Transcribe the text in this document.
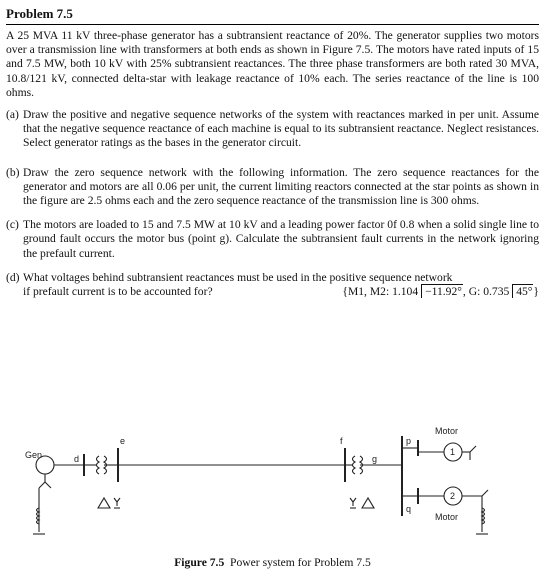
Problem 7.5

A 25 MVA 11 kV three-phase generator has a subtransient reactance of 20%. The generator supplies two motors over a transmission line with transformers at both ends as shown in Figure 7.5. The motors have rated inputs of 15 and 7.5 MW, both 10 kV with 25% subtransient reactances. The three phase transformers are both rated 30 MVA, 10.8/121 kV, connected delta-star with leakage reactance of 10% each. The series reactance of the line is 100 ohms.

(a) Draw the positive and negative sequence networks of the system with reactances marked in per unit. Assume that the negative sequence reactance of each machine is equal to its subtransient reactance. Neglect resistances. Select generator ratings as the bases in the generator circuit.
(b) Draw the zero sequence network with the following information. The zero sequence reactances for the generator and motors are all 0.06 per unit, the current limiting reactors connected at the star points as shown in the figure are 2.5 ohms each and the zero sequence reactance of the transmission line is 300 ohms.
(c) The motors are loaded to 15 and 7.5 MW at 10 kV and a leading power factor 0f 0.8 when a solid single line to ground fault occurs the motor bus (point g). Calculate the subtransient fault currents in the network ignoring the prefault current.
(d) What voltages behind subtransient reactances must be used in the positive sequence network
if prefault current is to be accounted for?	{M1, M2: 1.104 −11.92°, G: 0.735 45°}
Gen	d
e	f
g
p
q
Motor
Motor
1
2
Figure 7.5 Power system for Problem 7.5
